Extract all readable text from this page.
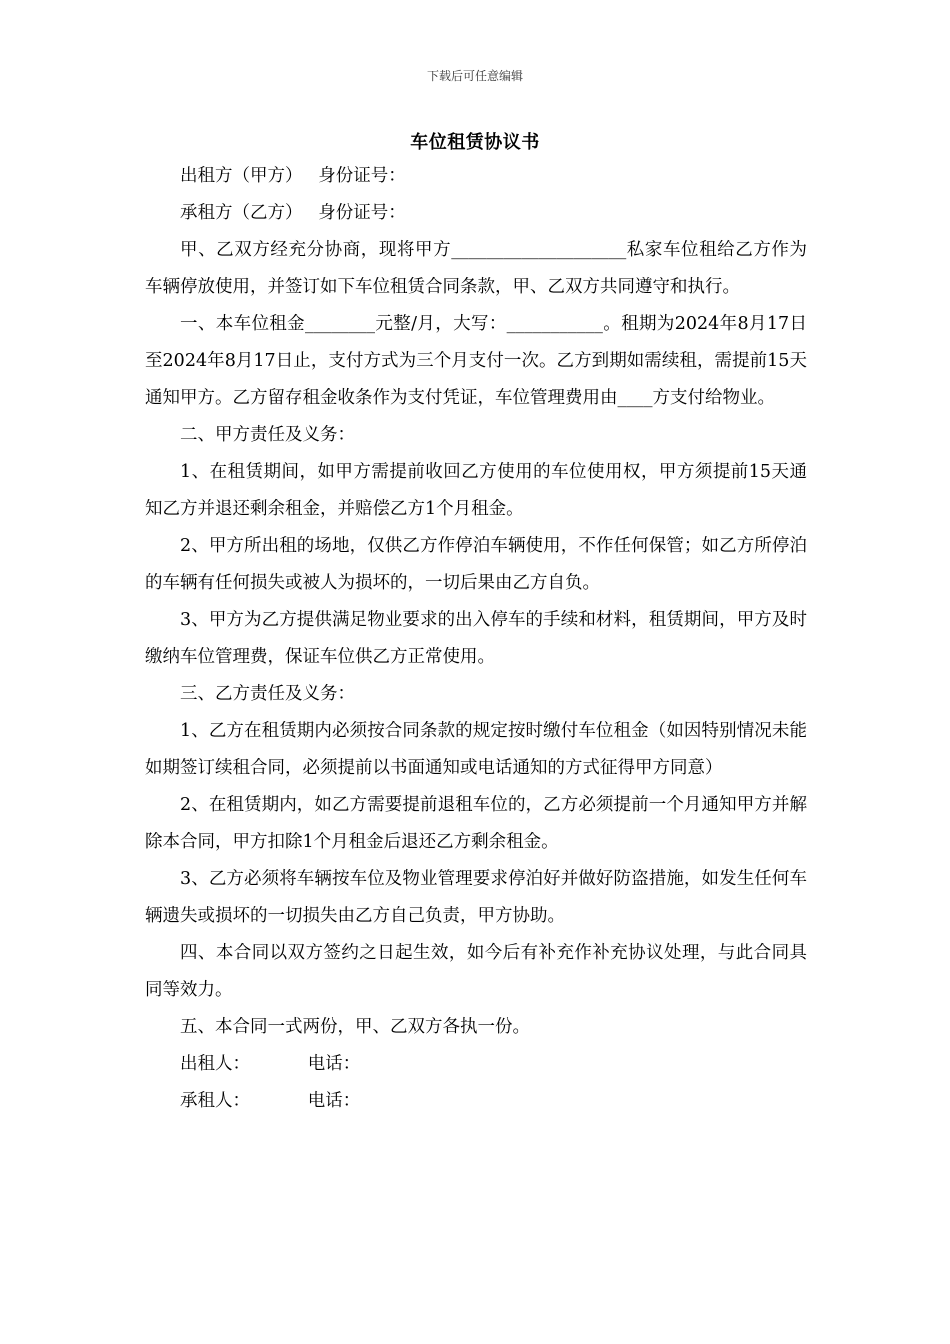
下载后可任意编辑
车位租赁协议书

出租方（甲方） 身份证号：

承租方（乙方） 身份证号：

甲、乙双方经充分协商，现将甲方____________________私家车位租给乙方作为车辆停放使用，并签订如下车位租赁合同条款，甲、乙双方共同遵守和执行。

一、本车位租金________元整/月，大写：___________。租期为2024年8月17日至2024年8月17日止，支付方式为三个月支付一次。乙方到期如需续租，需提前15天通知甲方。乙方留存租金收条作为支付凭证，车位管理费用由____方支付给物业。

二、甲方责任及义务：

1、在租赁期间，如甲方需提前收回乙方使用的车位使用权，甲方须提前15天通知乙方并退还剩余租金，并赔偿乙方1个月租金。

2、甲方所出租的场地，仅供乙方作停泊车辆使用，不作任何保管；如乙方所停泊的车辆有任何损失或被人为损坏的，一切后果由乙方自负。

3、甲方为乙方提供满足物业要求的出入停车的手续和材料，租赁期间，甲方及时缴纳车位管理费，保证车位供乙方正常使用。

三、乙方责任及义务：

1、乙方在租赁期内必须按合同条款的规定按时缴付车位租金（如因特别情况未能如期签订续租合同，必须提前以书面通知或电话通知的方式征得甲方同意）

2、在租赁期内，如乙方需要提前退租车位的，乙方必须提前一个月通知甲方并解除本合同，甲方扣除1个月租金后退还乙方剩余租金。

3、乙方必须将车辆按车位及物业管理要求停泊好并做好防盗措施，如发生任何车辆遗失或损坏的一切损失由乙方自己负责，甲方协助。

四、本合同以双方签约之日起生效，如今后有补充作补充协议处理，与此合同具同等效力。

五、本合同一式两份，甲、乙双方各执一份。

出租人：	电话：

承租人：	电话：
